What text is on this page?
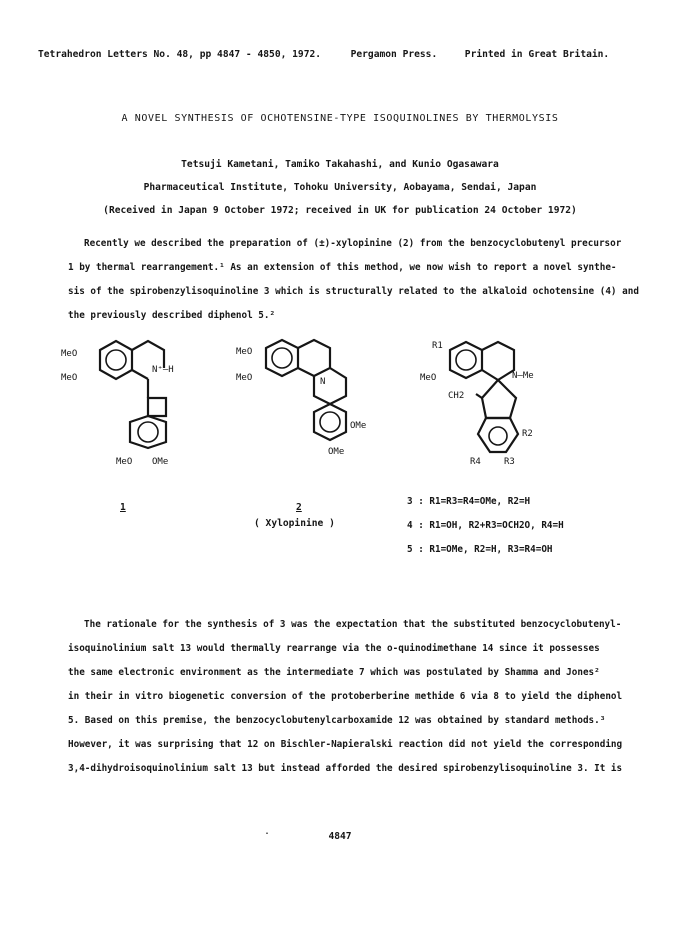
Tetrahedron Letters No. 48, pp 4847 - 4850, 1972.	Pergamon Press.	Printed in Great Britain.
A NOVEL SYNTHESIS OF OCHOTENSINE-TYPE ISOQUINOLINES BY THERMOLYSIS
Tetsuji Kametani, Tamiko Takahashi, and Kunio Ogasawara
Pharmaceutical Institute, Tohoku University, Aobayama, Sendai, Japan
(Received in Japan 9 October 1972; received in UK for publication 24 October 1972)
Recently we described the preparation of (±)-xylopinine (2) from the benzocyclobutenyl precursor
1 by thermal rearrangement.¹ As an extension of this method, we now wish to report a novel synthe-
sis of the spirobenzylisoquinoline 3 which is structurally related to the alkaloid ochotensine (4) and
the previously described diphenol 5.²
MeO
MeO
N⁺–H
MeO OMe
MeO
MeO	N
OMe
OMe
R1
MeO	N–Me
CH2
R2
R4	R3
1	2
( Xylopinine )
3 : R1=R3=R4=OMe, R2=H
4 : R1=OH, R2+R3=OCH2O, R4=H
5 : R1=OMe, R2=H, R3=R4=OH
The rationale for the synthesis of 3 was the expectation that the substituted benzocyclobutenyl-
isoquinolinium salt 13 would thermally rearrange via the o-quinodimethane 14 since it possesses
the same electronic environment as the intermediate 7 which was postulated by Shamma and Jones²
in their in vitro biogenetic conversion of the protoberberine methide 6 via 8 to yield the diphenol
5. Based on this premise, the benzocyclobutenylcarboxamide 12 was obtained by standard methods.³
However, it was surprising that 12 on Bischler-Napieralski reaction did not yield the corresponding
3,4-dihydroisoquinolinium salt 13 but instead afforded the desired spirobenzylisoquinoline 3. It is
.	4847
